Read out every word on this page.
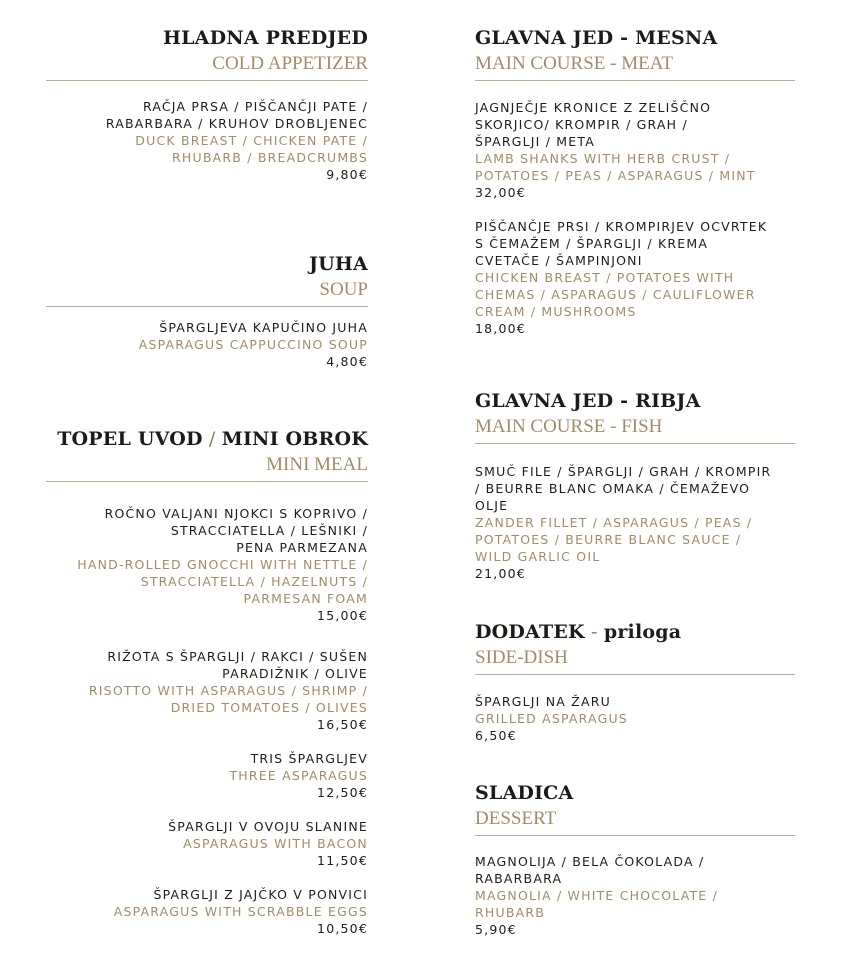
HLADNA PREDJED
COLD APPETIZER
RAČJA PRSA / PIŠČANČJI PATE /
RABARBARA / KRUHOV DROBLJENEC
DUCK BREAST / CHICKEN PATE /
RHUBARB / BREADCRUMBS
9,80€
JUHA
SOUP
ŠPARGLJEVA KAPUČINO JUHA
ASPARAGUS CAPPUCCINO SOUP
4,80€
TOPEL UVOD / MINI OBROK
MINI MEAL
ROČNO VALJANI NJOKCI S KOPRIVO /
STRACCIATELLA / LEŠNIKI /
PENA PARMEZANA
HAND-ROLLED GNOCCHI WITH NETTLE /
STRACCIATELLA / HAZELNUTS /
PARMESAN FOAM
15,00€
RIŽOTA S ŠPARGLJI / RAKCI / SUŠEN
PARADIŽNIK / OLIVE
RISOTTO WITH ASPARAGUS / SHRIMP /
DRIED TOMATOES / OLIVES
16,50€
TRIS ŠPARGLJEV
THREE ASPARAGUS
12,50€
ŠPARGLJI V OVOJU SLANINE
ASPARAGUS WITH BACON
11,50€
ŠPARGLJI Z JAJČKO V PONVICI
ASPARAGUS WITH SCRABBLE EGGS
10,50€
GLAVNA JED - MESNA
MAIN COURSE - MEAT
JAGNJEČJE KRONICE Z ZELIŠČNO
SKORJICO/ KROMPIR / GRAH /
ŠPARGLJI / META
LAMB SHANKS WITH HERB CRUST /
POTATOES / PEAS / ASPARAGUS / MINT
32,00€
PIŠČANČJE PRSI / KROMPIRJEV OCVRTEK
S ČEMAŽEM / ŠPARGLJI / KREMA
CVETAČE / ŠAMPINJONI
CHICKEN BREAST / POTATOES WITH
CHEMAS / ASPARAGUS / CAULIFLOWER
CREAM / MUSHROOMS
18,00€
GLAVNA JED - RIBJA
MAIN COURSE - FISH
SMUČ FILE / ŠPARGLJI / GRAH / KROMPIR
/ BEURRE BLANC OMAKA / ČEMAŽEVO
OLJE
ZANDER FILLET / ASPARAGUS / PEAS /
POTATOES / BEURRE BLANC SAUCE /
WILD GARLIC OIL
21,00€
DODATEK - priloga
SIDE-DISH
ŠPARGLJI NA ŽARU
GRILLED ASPARAGUS
6,50€
SLADICA
DESSERT
MAGNOLIJA / BELA ČOKOLADA /
RABARBARA
MAGNOLIA / WHITE CHOCOLATE /
RHUBARB
5,90€
